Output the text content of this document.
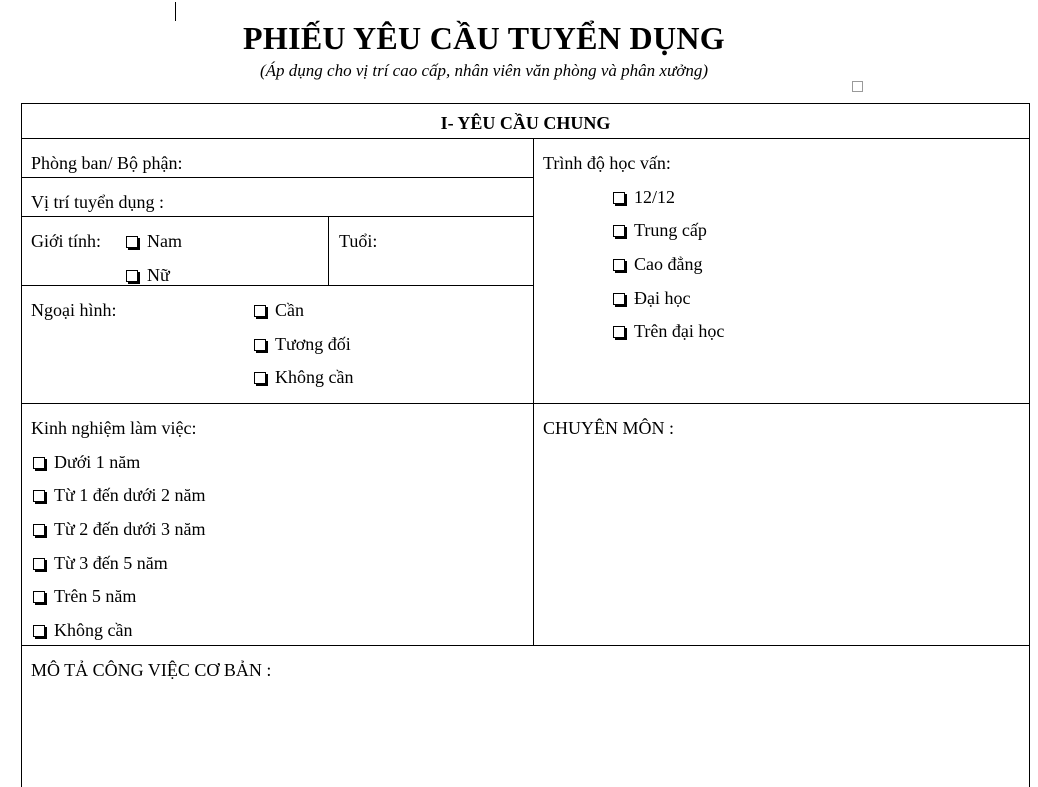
PHIẾU YÊU CẦU TUYỂN DỤNG
(Áp dụng cho vị trí cao cấp, nhân viên văn phòng và phân xưởng)
I- YÊU CẦU CHUNG
Phòng ban/ Bộ phận:
Vị trí tuyển dụng :
Giới tính:	Nam
Nữ
Tuổi:
Ngoại hình:	Cần
Tương đối
Không cần
Trình độ học vấn:
12/12
Trung cấp
Cao đẳng
Đại học
Trên đại học
Kinh nghiệm làm việc:
Dưới 1 năm
Từ 1 đến dưới 2 năm
Từ 2 đến dưới 3 năm
Từ 3 đến 5 năm
Trên 5 năm
Không cần
CHUYÊN MÔN :
MÔ TẢ CÔNG VIỆC CƠ BẢN :
